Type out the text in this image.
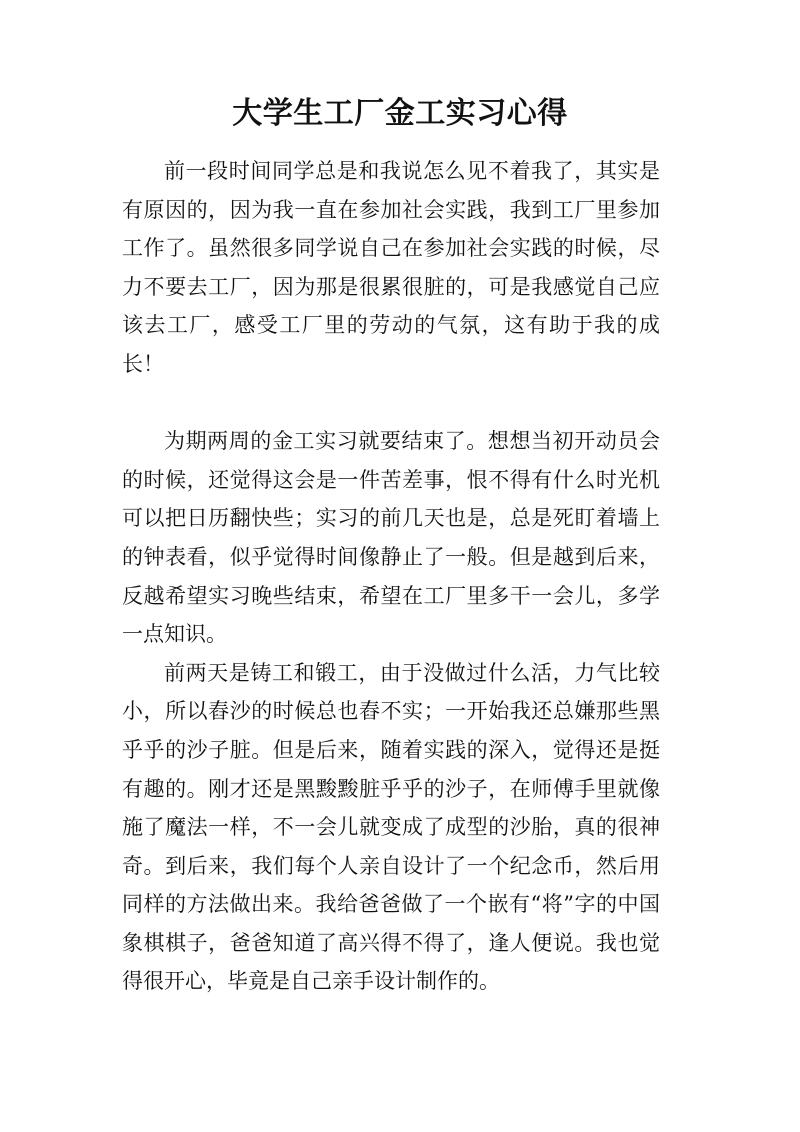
大学生工厂金工实习心得

前一段时间同学总是和我说怎么见不着我了，其实是有原因的，因为我一直在参加社会实践，我到工厂里参加工作了。虽然很多同学说自己在参加社会实践的时候，尽力不要去工厂，因为那是很累很脏的，可是我感觉自己应该去工厂，感受工厂里的劳动的气氛，这有助于我的成长！

为期两周的金工实习就要结束了。想想当初开动员会的时候，还觉得这会是一件苦差事，恨不得有什么时光机可以把日历翻快些；实习的前几天也是，总是死盯着墙上的钟表看，似乎觉得时间像静止了一般。但是越到后来，反越希望实习晚些结束，希望在工厂里多干一会儿，多学一点知识。

前两天是铸工和锻工，由于没做过什么活，力气比较小，所以舂沙的时候总也舂不实；一开始我还总嫌那些黑乎乎的沙子脏。但是后来，随着实践的深入，觉得还是挺有趣的。刚才还是黑黢黢脏乎乎的沙子，在师傅手里就像施了魔法一样，不一会儿就变成了成型的沙胎，真的很神奇。到后来，我们每个人亲自设计了一个纪念币，然后用同样的方法做出来。我给爸爸做了一个嵌有“将”字的中国象棋棋子，爸爸知道了高兴得不得了，逢人便说。我也觉得很开心，毕竟是自己亲手设计制作的。
